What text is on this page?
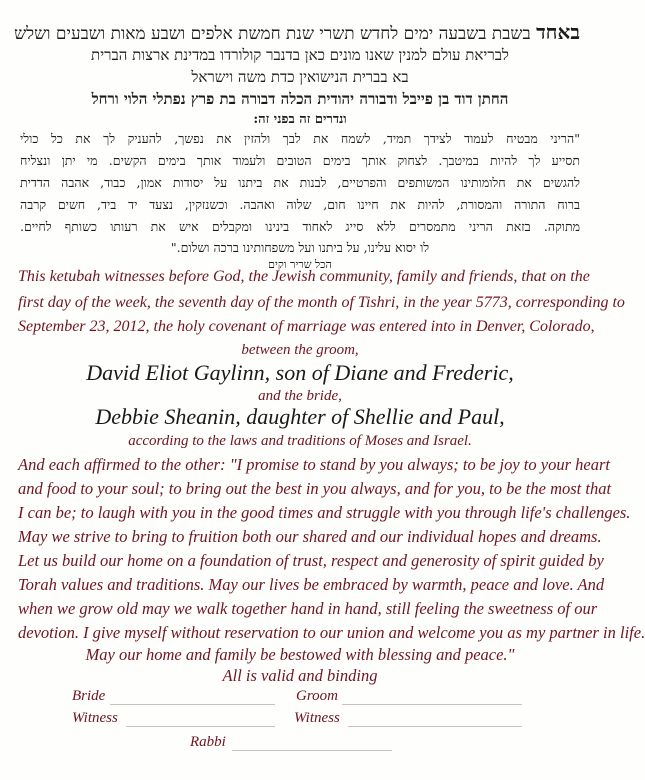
באחד בשבת בשבעה ימים לחדש תשרי שנת חמשת אלפים ושבע מאות ושבעים ושלש
לבריאת עולם למנין שאנו מונים כאן בדנבר קולורדו במדינת ארצות הברית
בא בברית הנישואין כדת משה וישראל
החתן דוד בן פייבל ודבורה יהודית הכלה דבורה בת פרץ נפתלי הלוי ורחל
ונדרים זה בפני זה:
"הריני מבטיח לעמוד לצידך תמיד, לשמח את לבך ולהזין את נפשך, להעניק לך את כל כולי
תסייע לך להיות במיטבך. לצחוק אותך בימים הטובים ולעמוד אותך בימים הקשים. מי יתן ונצליח
להגשים את חלומותינו המשותפים והפרטיים, לבנות את ביתנו על יסודות אמון, כבוד, אהבה הדדית
ברוח התורה והמסורת, להיות את חיינו חום, שלוה ואהבה. וכשנזקין, נצעד יד ביד, חשים קרבה
מתוקה. בזאת הריני מתמסרים ללא סייג לאחוד בינינו ומקבלים איש את רעותו כשותף לחיים.
לו יסוא עלינו, על ביתנו ועל משפחותינו ברכה ושלום."
הכל שריר וקים
This ketubah witnesses before God, the Jewish community, family and friends, that on the
first day of the week, the seventh day of the month of Tishri, in the year 5773, corresponding to
September 23, 2012, the holy covenant of marriage was entered into in Denver, Colorado,
between the groom,
David Eliot Gaylinn, son of Diane and Frederic,
and the bride,
Debbie Sheanin, daughter of Shellie and Paul,
according to the laws and traditions of Moses and Israel.
And each affirmed to the other: "I promise to stand by you always; to be joy to your heart
and food to your soul; to bring out the best in you always, and for you, to be the most that
I can be; to laugh with you in the good times and struggle with you through life's challenges.
May we strive to bring to fruition both our shared and our individual hopes and dreams.
Let us build our home on a foundation of trust, respect and generosity of spirit guided by
Torah values and traditions. May our lives be embraced by warmth, peace and love. And
when we grow old may we walk together hand in hand, still feeling the sweetness of our
devotion. I give myself without reservation to our union and welcome you as my partner in life.
May our home and family be bestowed with blessing and peace."
All is valid and binding
Bride	Groom
Witness	Witness
Rabbi
